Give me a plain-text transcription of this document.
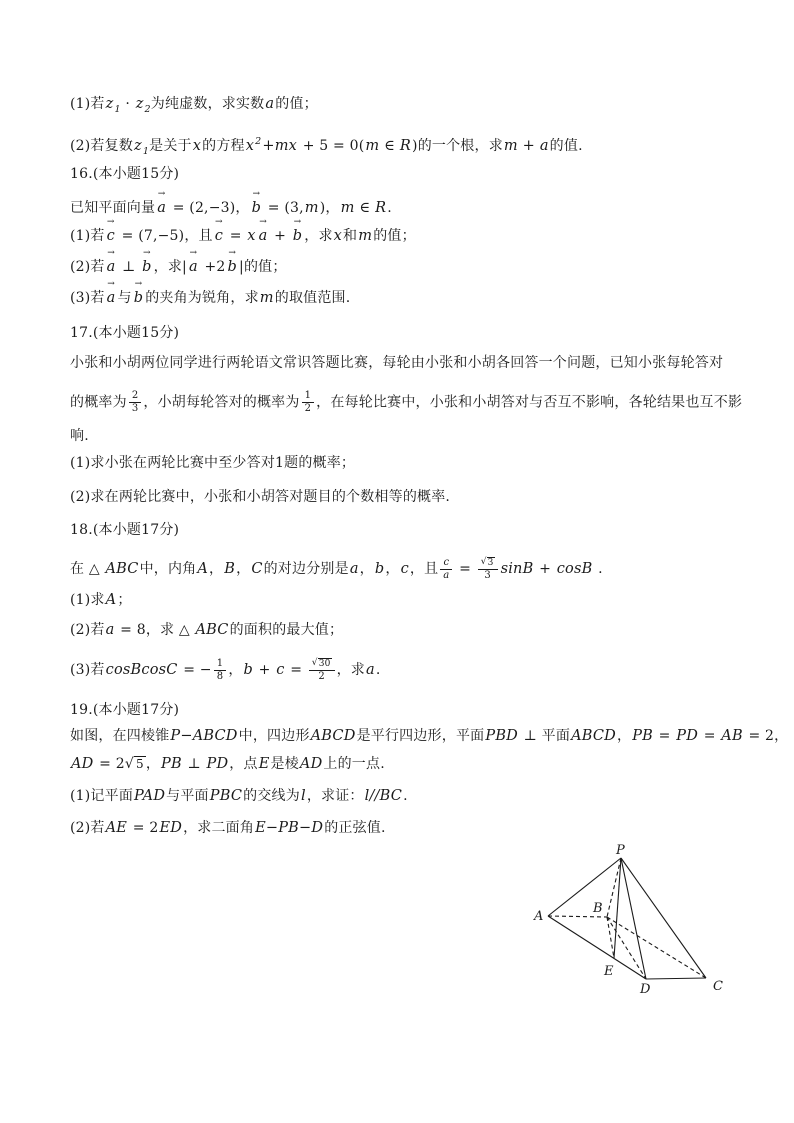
(1)若$z_1 \cdot z_2$为纯虚数，求实数a的值；
(2)若复数$z_1$是关于x的方程$x^2+mx + 5 = 0(m$ ∈ R)的一个根，求m + a的值.
16.(本小题15分)
已知平面向量
→
a = (2,−3)，
→
b = (3,m)，m ∈ R.
(1)若
→
c = (7,−5)，且
→
c = x
→
a +
→
b ，求x和m的值；
(2)若
→
a ⊥
→
b ，求|
→
a +2
→
b |的值；
(3)若
→
a 与
→
b 的夹角为锐角，求m的取值范围.
17.(本小题15分)
小张和小胡两位同学进行两轮语文常识答题比赛，每轮由小张和小胡各回答一个问题，已知小张每轮答对
的概率为 $\frac{2}{3}$ ，小胡每轮答对的概率为 $\frac{1}{2}$ ，在每轮比赛中，小张和小胡答对与否互不影响，各轮结果也互不影
响.
(1)求小张在两轮比赛中至少答对1题的概率；
(2)求在两轮比赛中，小张和小胡答对题目的个数相等的概率.
18.(本小题17分)
在 △ ABC中，内角A，B，C的对边分别是a，b，c，且 $\frac{c}{a} = \frac{√ 3}{3}$ sinB + cosB .
(1)求A；
(2)若a = 8，求 △ ABC的面积的最大值；
(3)若cosBcosC = − $\frac{1}{8}$ ，$b + c = \frac{√ 30}{2}$ ，求a.
19.(本小题17分)
如图，在四棱锥P−ABCD中，四边形ABCD是平行四边形，平面PBD ⊥ 平面ABCD，PB = PD = AB = 2，
AD = 2 √ 5 ，PB ⊥ PD，点E是棱AD上的一点.
(1)记平面PAD与平面PBC的交线为l，求证：l//BC.
(2)若AE = 2ED，求二面角E−PB−D的正弦值.
P
A
B
E
D	C
